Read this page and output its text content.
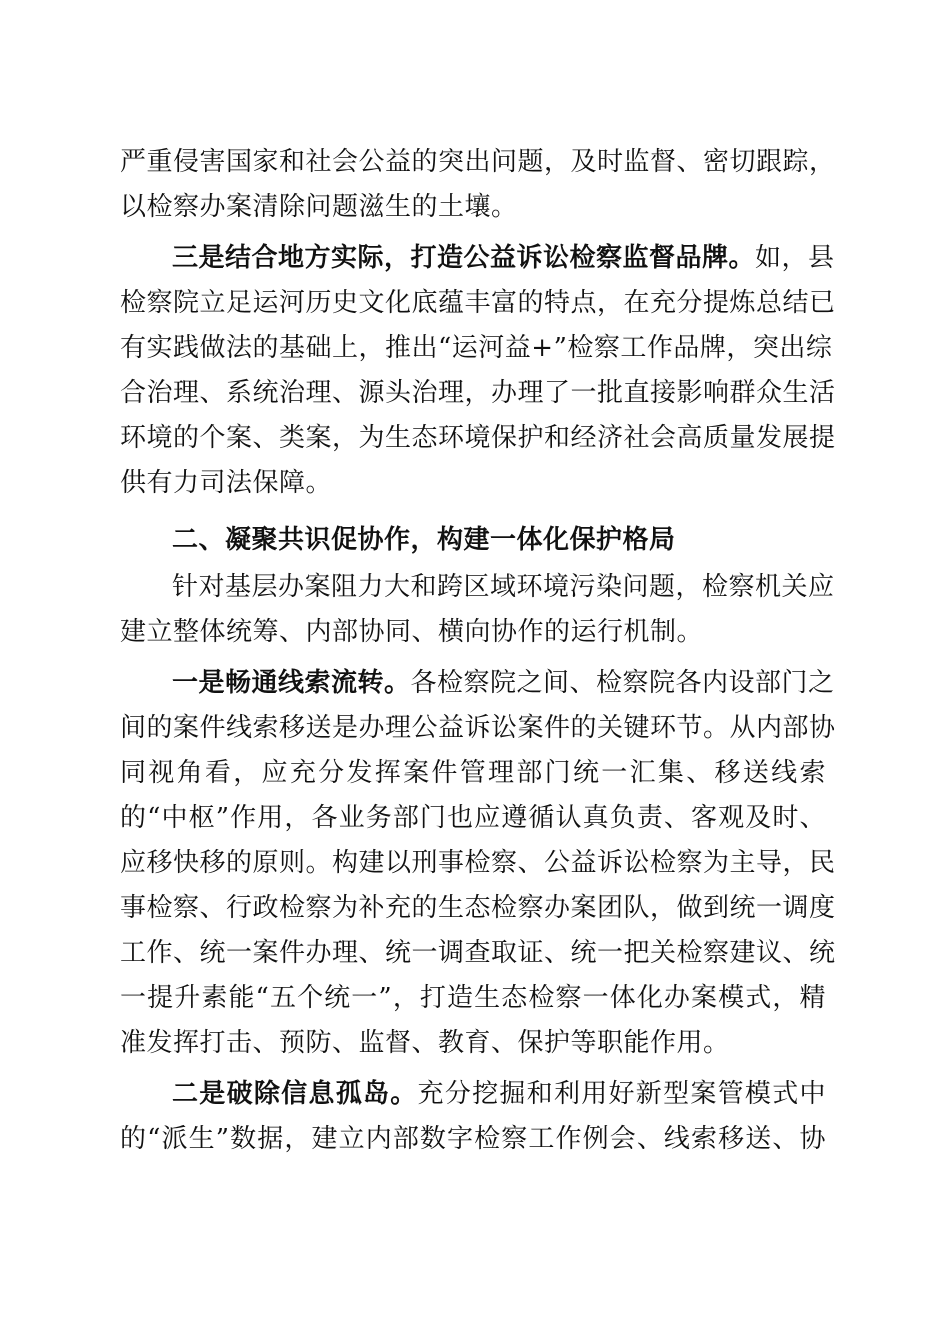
严重侵害国家和社会公益的突出问题，及时监督、密切跟踪，
以检察办案清除问题滋生的土壤。

三是结合地方实际，打造公益诉讼检察监督品牌。如，县
检察院立足运河历史文化底蕴丰富的特点，在充分提炼总结已
有实践做法的基础上，推出“运河益+”检察工作品牌，突出综
合治理、系统治理、源头治理，办理了一批直接影响群众生活
环境的个案、类案，为生态环境保护和经济社会高质量发展提
供有力司法保障。

二、凝聚共识促协作，构建一体化保护格局

针对基层办案阻力大和跨区域环境污染问题，检察机关应
建立整体统筹、内部协同、横向协作的运行机制。

一是畅通线索流转。各检察院之间、检察院各内设部门之
间的案件线索移送是办理公益诉讼案件的关键环节。从内部协
同视角看，应充分发挥案件管理部门统一汇集、移送线索
的“中枢”作用，各业务部门也应遵循认真负责、客观及时、
应移快移的原则。构建以刑事检察、公益诉讼检察为主导，民
事检察、行政检察为补充的生态检察办案团队，做到统一调度
工作、统一案件办理、统一调查取证、统一把关检察建议、统
一提升素能“五个统一”，打造生态检察一体化办案模式，精
准发挥打击、预防、监督、教育、保护等职能作用。

二是破除信息孤岛。充分挖掘和利用好新型案管模式中
的“派生”数据，建立内部数字检察工作例会、线索移送、协
